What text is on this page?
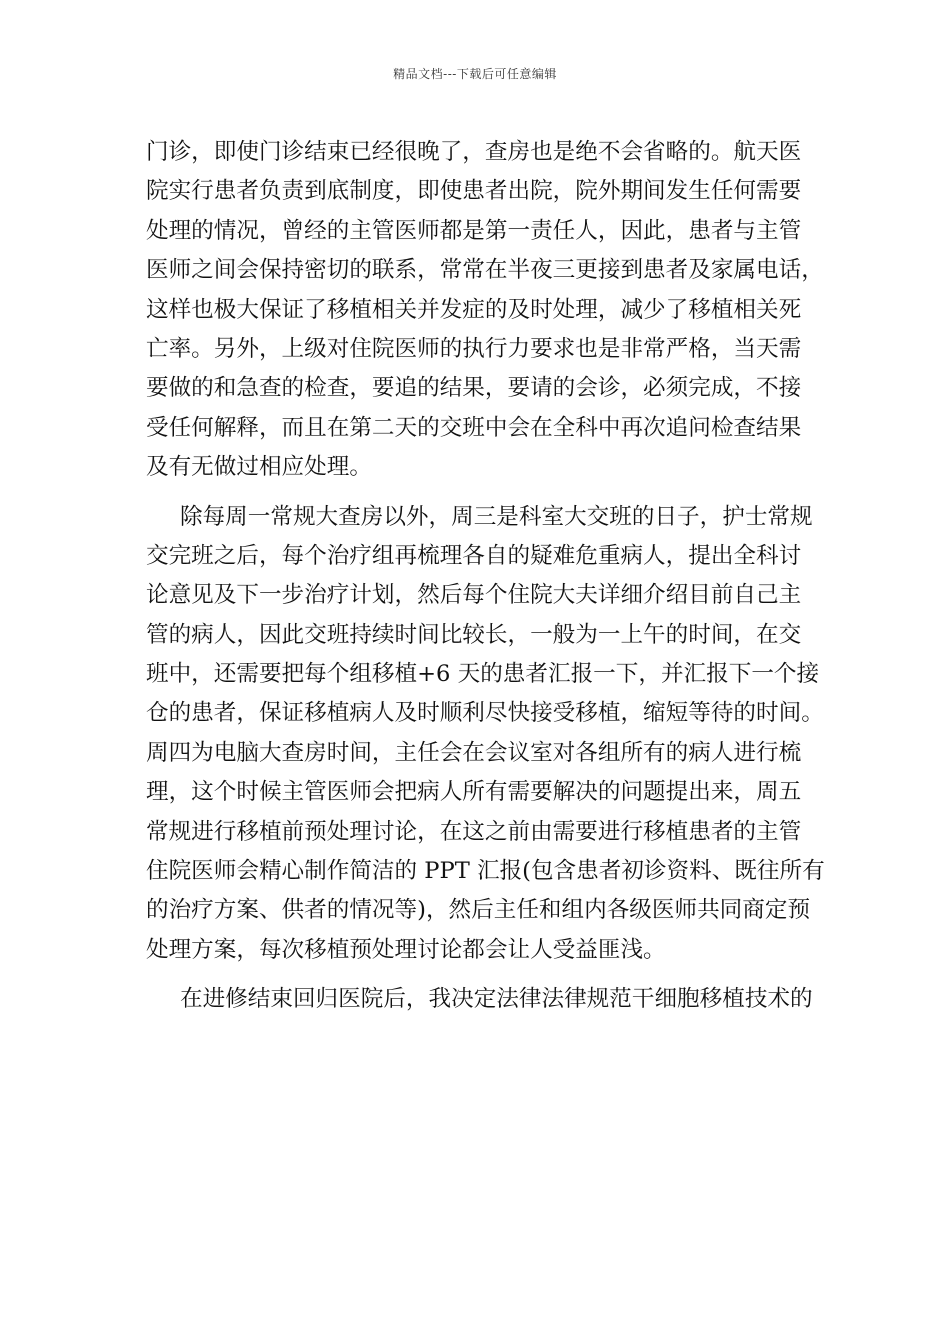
精品文档---下载后可任意编辑
门诊，即使门诊结束已经很晚了，查房也是绝不会省略的。航天医
院实行患者负责到底制度，即使患者出院，院外期间发生任何需要
处理的情况，曾经的主管医师都是第一责任人，因此，患者与主管
医师之间会保持密切的联系，常常在半夜三更接到患者及家属电话，
这样也极大保证了移植相关并发症的及时处理，减少了移植相关死
亡率。另外，上级对住院医师的执行力要求也是非常严格，当天需
要做的和急查的检查，要追的结果，要请的会诊，必须完成，不接
受任何解释，而且在第二天的交班中会在全科中再次追问检查结果
及有无做过相应处理。
除每周一常规大查房以外，周三是科室大交班的日子，护士常规
交完班之后，每个治疗组再梳理各自的疑难危重病人，提出全科讨
论意见及下一步治疗计划，然后每个住院大夫详细介绍目前自己主
管的病人，因此交班持续时间比较长，一般为一上午的时间，在交
班中，还需要把每个组移植+6 天的患者汇报一下，并汇报下一个接
仓的患者，保证移植病人及时顺利尽快接受移植，缩短等待的时间。
周四为电脑大查房时间，主任会在会议室对各组所有的病人进行梳
理，这个时候主管医师会把病人所有需要解决的问题提出来，周五
常规进行移植前预处理讨论，在这之前由需要进行移植患者的主管
住院医师会精心制作简洁的 PPT 汇报(包含患者初诊资料、既往所有
的治疗方案、供者的情况等)，然后主任和组内各级医师共同商定预
处理方案，每次移植预处理讨论都会让人受益匪浅。
在进修结束回归医院后，我决定法律法律规范干细胞移植技术的
